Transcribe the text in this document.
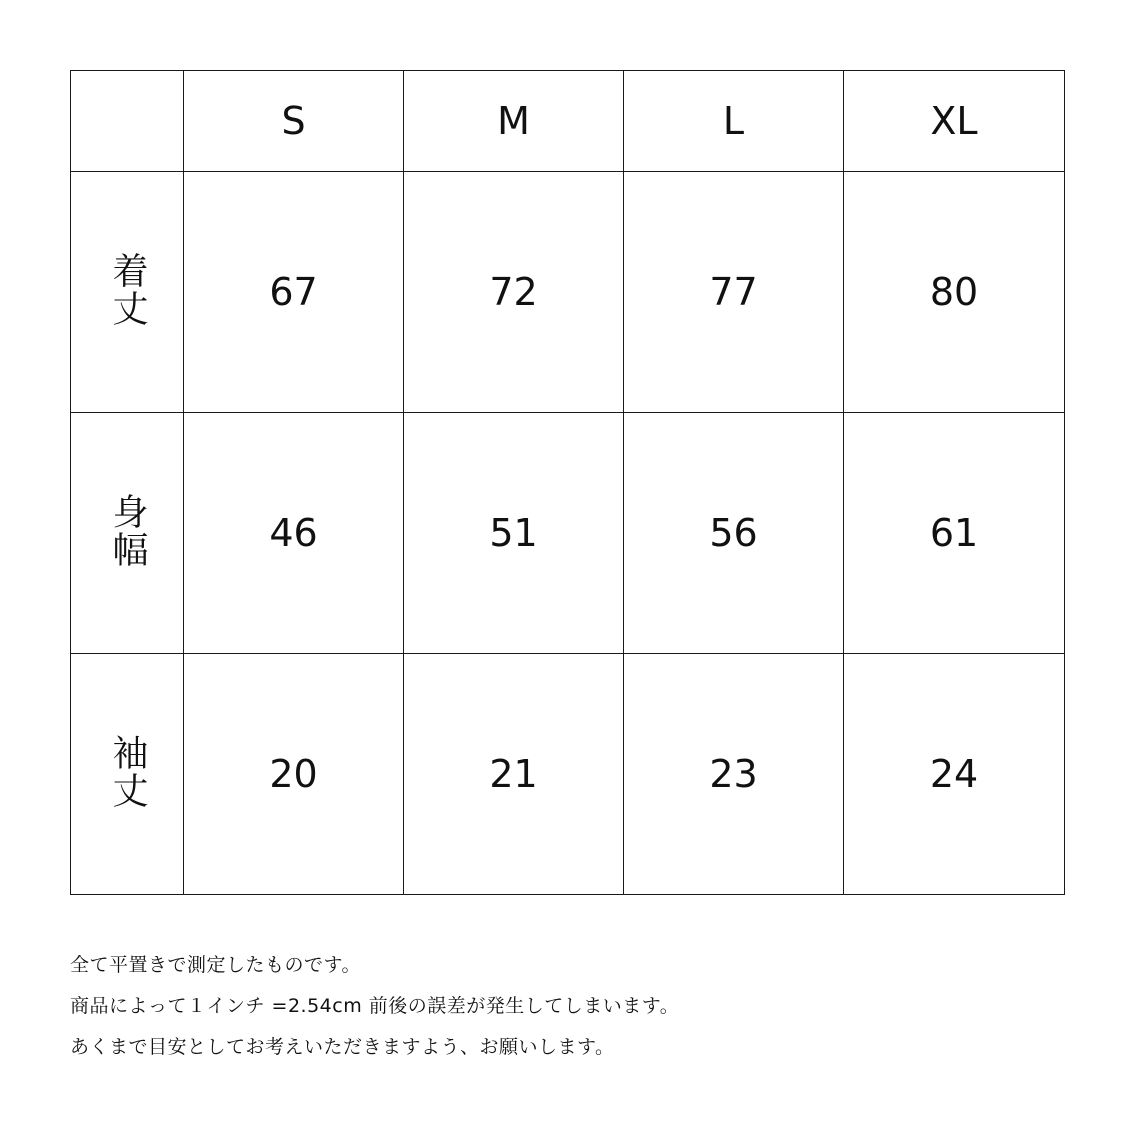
	S	M	L	XL
着丈	67	72	77	80
身幅	46	51	56	61
袖丈	20	21	23	24

全て平置きで測定したものです。

商品によって１インチ =2.54cm 前後の誤差が発生してしまいます。

あくまで目安としてお考えいただきますよう、お願いします。
